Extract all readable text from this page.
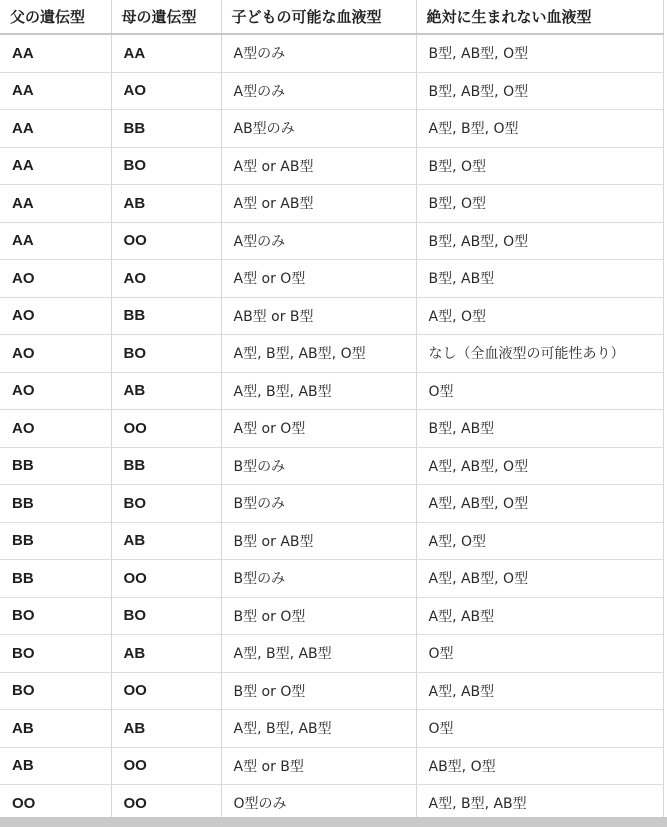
父の遺伝型	母の遺伝型	子どもの可能な血液型	絶対に生まれない血液型
AA	AA	A型のみ	B型, AB型, O型
AA	AO	A型のみ	B型, AB型, O型
AA	BB	AB型のみ	A型, B型, O型
AA	BO	A型 or AB型	B型, O型
AA	AB	A型 or AB型	B型, O型
AA	OO	A型のみ	B型, AB型, O型
AO	AO	A型 or O型	B型, AB型
AO	BB	AB型 or B型	A型, O型
AO	BO	A型, B型, AB型, O型	なし（全血液型の可能性あり）
AO	AB	A型, B型, AB型	O型
AO	OO	A型 or O型	B型, AB型
BB	BB	B型のみ	A型, AB型, O型
BB	BO	B型のみ	A型, AB型, O型
BB	AB	B型 or AB型	A型, O型
BB	OO	B型のみ	A型, AB型, O型
BO	BO	B型 or O型	A型, AB型
BO	AB	A型, B型, AB型	O型
BO	OO	B型 or O型	A型, AB型
AB	AB	A型, B型, AB型	O型
AB	OO	A型 or B型	AB型, O型
OO	OO	O型のみ	A型, B型, AB型
